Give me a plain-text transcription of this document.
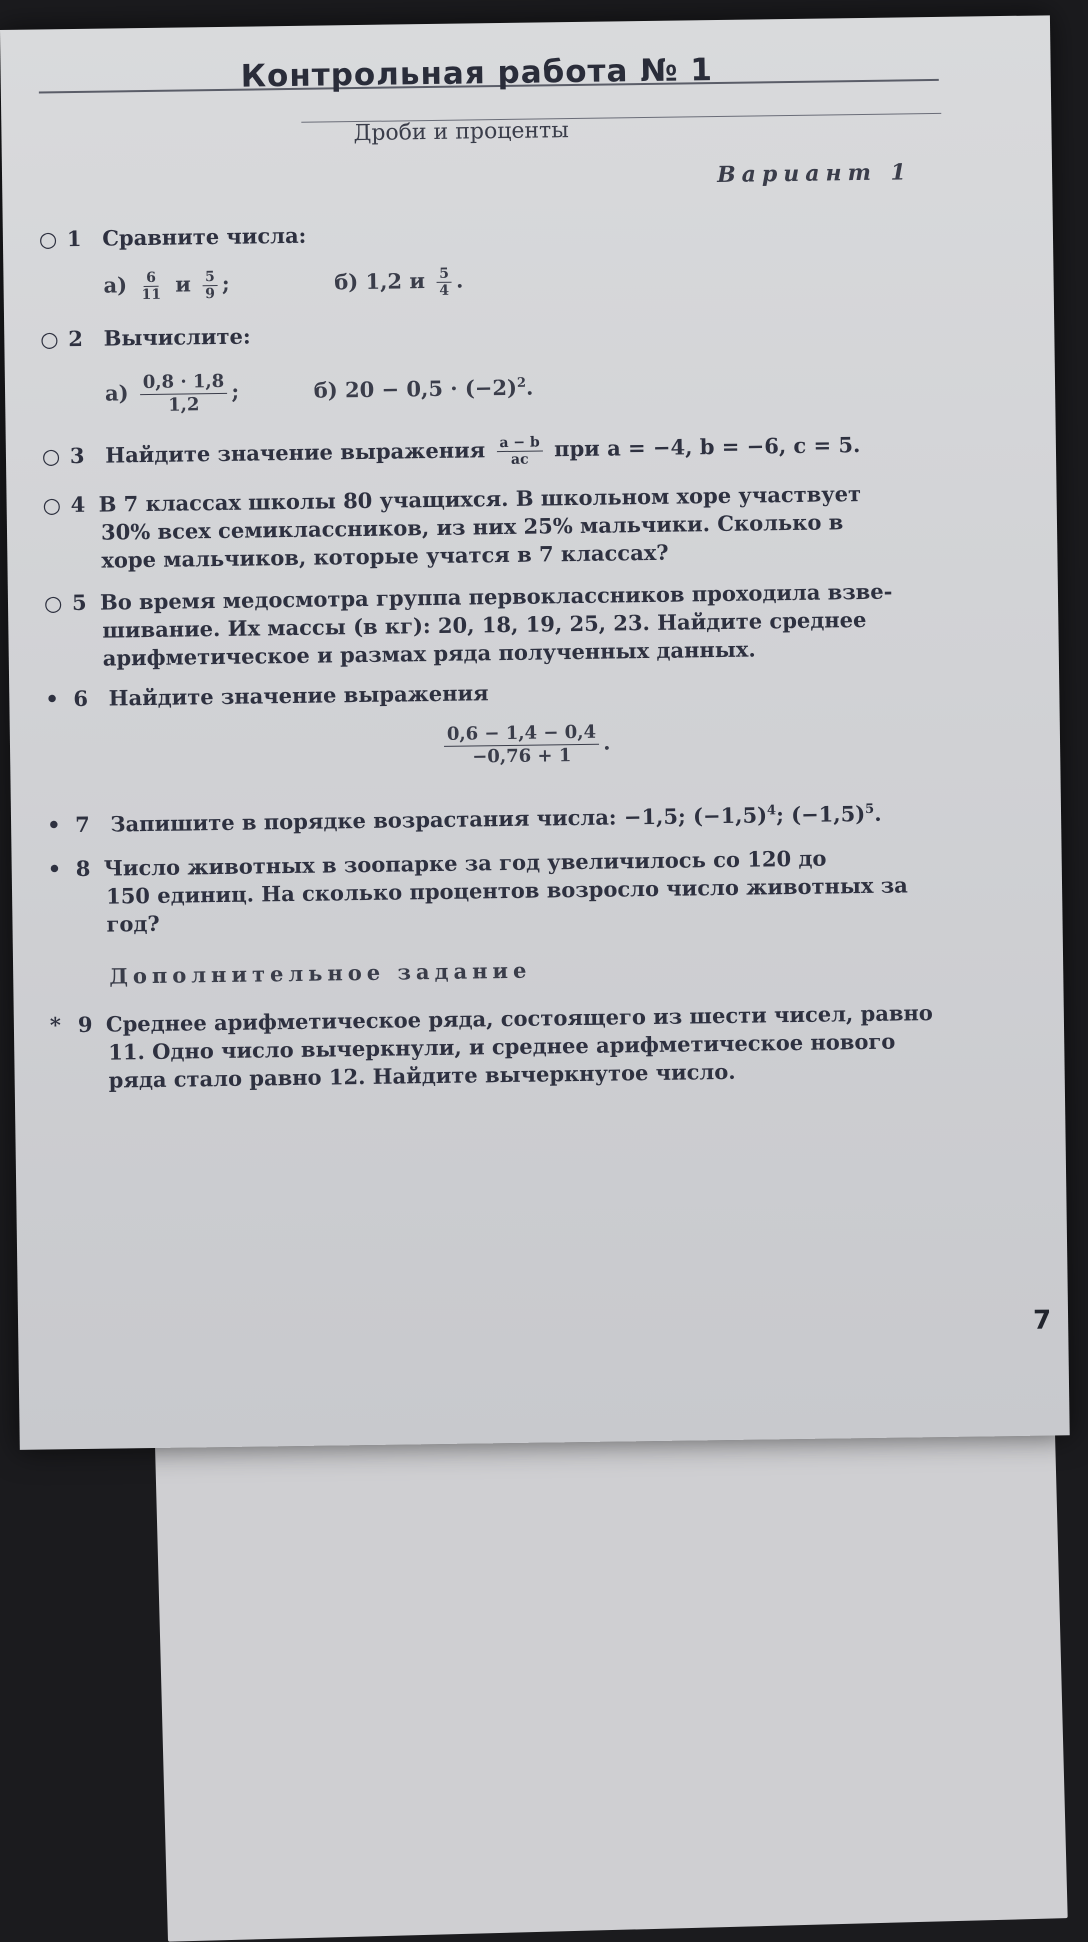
Контрольная работа № 1
Дроби и проценты
Вариант 1
○ 1 Сравните числа:
$а) \frac{6}{11}$ и $\frac{5}{9}$ ;	б) 1,2 и $\frac{5}{4}$ .
○ 2 Вычислите:
$а) \frac{0,8 \cdot 1,8}{1,2}$ ;	б) $20 - 0,5 \cdot (-2)^2$.
○ 3 Найдите значение выражения $\frac{a - b}{ac}$ при a = −4, b = −6, c = 5.
○ 4 В 7 классах школы 80 учащихся. В школьном хоре участвует
30% всех семиклассников, из них 25% мальчики. Сколько в
хоре мальчиков, которые учатся в 7 классах?
○ 5 Во время медосмотра группа первоклассников проходила взве-
шивание. Их массы (в кг): 20, 18, 19, 25, 23. Найдите среднее
арифметическое и размах ряда полученных данных.
• 6 Найдите значение выражения
$\frac{0,6 - 1,4 - 0,4}{-0,76 + 1}$ .
• 7 Запишите в порядке возрастания числа: −1,5; $(-1,5)^4$; $(-1,5)^5$.
• 8 Число животных в зоопарке за год увеличилось со 120 до
150 единиц. На сколько процентов возросло число животных за
год?
Дополнительное задание
* 9 Среднее арифметическое ряда, состоящего из шести чисел, равно
11. Одно число вычеркнули, и среднее арифметическое нового
ряда стало равно 12. Найдите вычеркнутое число.
7
